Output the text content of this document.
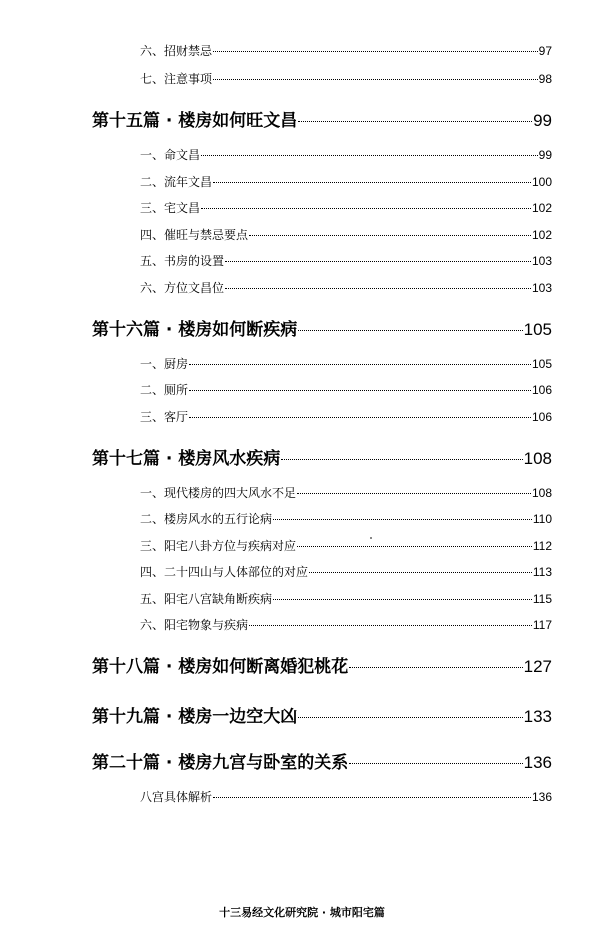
六、招财禁忌	97
七、注意事项	98
第十五篇 · 楼房如何旺文昌	99
一、命文昌	99
二、流年文昌	100
三、宅文昌	102
四、催旺与禁忌要点	102
五、书房的设置	103
六、方位文昌位	103
第十六篇 · 楼房如何断疾病	105
一、厨房	105
二、厕所	106
三、客厅	106
第十七篇 · 楼房风水疾病	108
一、现代楼房的四大风水不足	108
二、楼房风水的五行论病	110
三、阳宅八卦方位与疾病对应	112
四、二十四山与人体部位的对应	113
五、阳宅八宫缺角断疾病	115
六、阳宅物象与疾病	117
第十八篇 · 楼房如何断离婚犯桃花	127
第十九篇 · 楼房一边空大凶	133
第二十篇 · 楼房九宫与卧室的关系	136
八宫具体解析	136
十三易经文化研究院 · 城市阳宅篇
